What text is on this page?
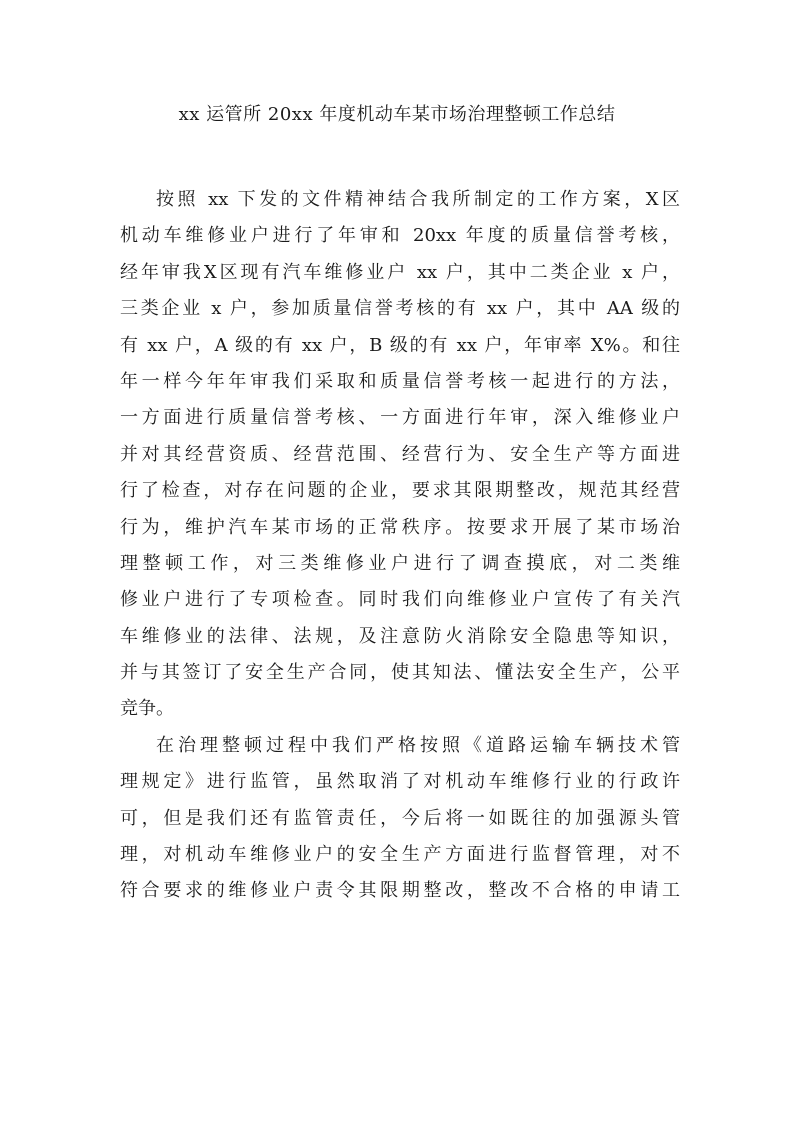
xx 运管所 20xx 年度机动车某市场治理整顿工作总结

按照 xx 下发的文件精神结合我所制定的工作方案，X区
机动车维修业户进行了年审和 20xx 年度的质量信誉考核，
经年审我X区现有汽车维修业户 xx 户，其中二类企业 x 户，
三类企业 x 户，参加质量信誉考核的有 xx 户，其中 AA 级的
有 xx 户，A 级的有 xx 户，B 级的有 xx 户，年审率 X%。和往
年一样今年年审我们采取和质量信誉考核一起进行的方法，
一方面进行质量信誉考核、一方面进行年审，深入维修业户
并对其经营资质、经营范围、经营行为、安全生产等方面进
行了检查，对存在问题的企业，要求其限期整改，规范其经营
行为，维护汽车某市场的正常秩序。按要求开展了某市场治
理整顿工作，对三类维修业户进行了调查摸底，对二类维
修业户进行了专项检查。同时我们向维修业户宣传了有关汽
车维修业的法律、法规，及注意防火消除安全隐患等知识，
并与其签订了安全生产合同，使其知法、懂法安全生产，公平
竞争。

在治理整顿过程中我们严格按照《道路运输车辆技术管
理规定》进行监管，虽然取消了对机动车维修行业的行政许
可，但是我们还有监管责任，今后将一如既往的加强源头管
理，对机动车维修业户的安全生产方面进行监督管理，对不
符合要求的维修业户责令其限期整改，整改不合格的申请工
